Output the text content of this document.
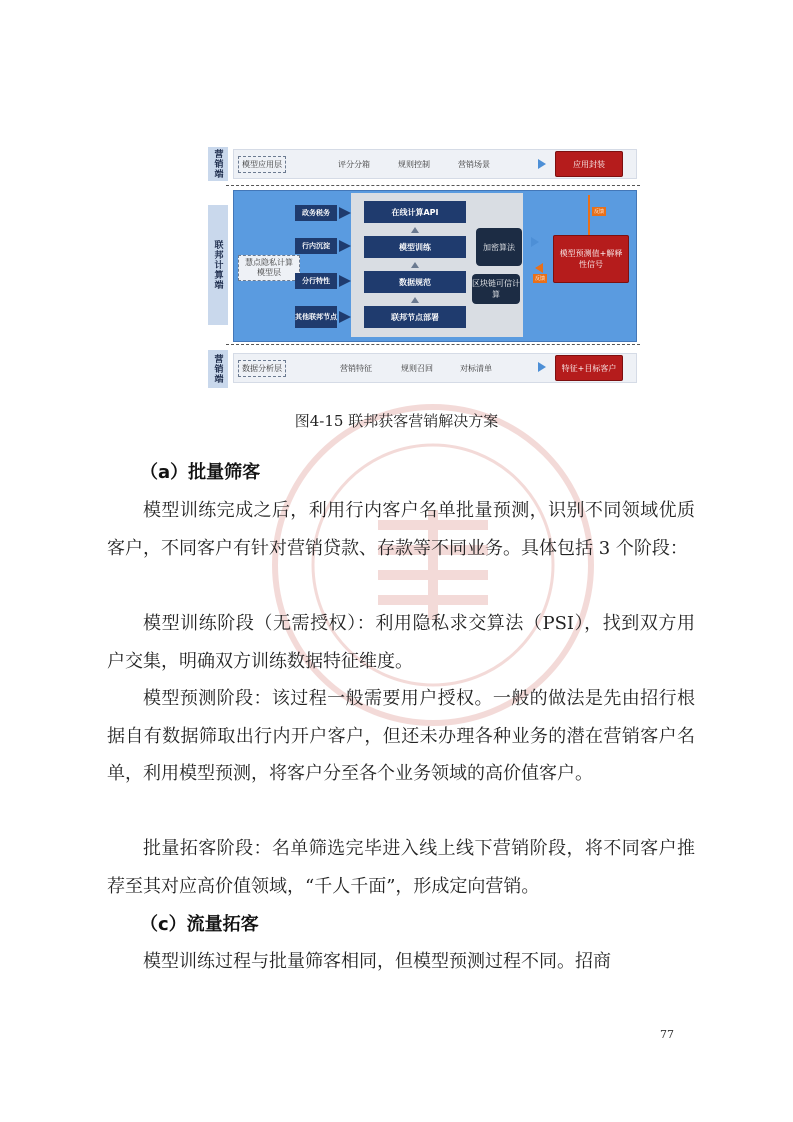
营销端	模型应用层	评分分箱	规则控制	营销场景	应用封装
联邦计算端	慧点隐私计算模型层
政务税务
行内沉淀
分行特性
其他联邦节点
在线计算API
模型训练
数据规范
联邦节点部署
加密算法
区块链可信计算
反馈
模型预测值+解释性信号
反馈
营销端	数据分析层	营销特征	规则召回	对标清单	特征+目标客户
图4-15 联邦获客营销解决方案
（a）批量筛客

模型训练完成之后，利用行内客户名单批量预测，识别不同领域优质客户，不同客户有针对营销贷款、存款等不同业务。具体包括 3 个阶段：

模型训练阶段（无需授权）：利用隐私求交算法（PSI），找到双方用户交集，明确双方训练数据特征维度。

模型预测阶段：该过程一般需要用户授权。一般的做法是先由招行根据自有数据筛取出行内开户客户，但还未办理各种业务的潜在营销客户名单，利用模型预测，将客户分至各个业务领域的高价值客户。

批量拓客阶段：名单筛选完毕进入线上线下营销阶段，将不同客户推荐至其对应高价值领域，“千人千面”，形成定向营销。

（c）流量拓客

模型训练过程与批量筛客相同，但模型预测过程不同。招商

77
